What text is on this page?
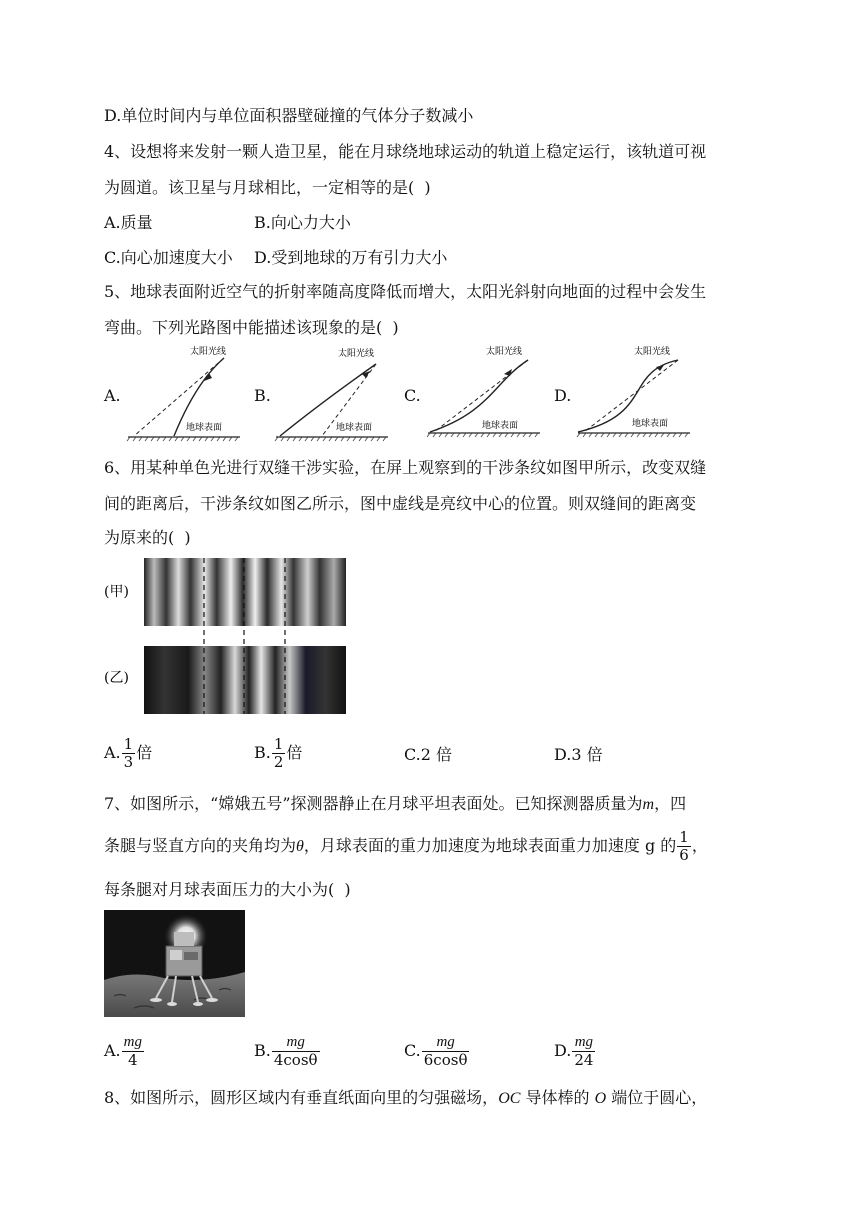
D.单位时间内与单位面积器壁碰撞的气体分子数减小
4、设想将来发射一颗人造卫星，能在月球绕地球运动的轨道上稳定运行，该轨道可视
为圆道。该卫星与月球相比，一定相等的是(  )
A.质量	B.向心力大小
C.向心加速度大小 D.受到地球的万有引力大小
5、地球表面附近空气的折射率随高度降低而增大，太阳光斜射向地面的过程中会发生
弯曲。下列光路图中能描述该现象的是(  )
A.	B.	C.	D.
太阳光线
地球表面
太阳光线
地球表面
太阳光线
地球表面
太阳光线
地球表面
6、用某种单色光进行双缝干涉实验，在屏上观察到的干涉条纹如图甲所示，改变双缝
间的距离后，干涉条纹如图乙所示，图中虚线是亮纹中心的位置。则双缝间的距离变
为原来的(  )
(甲)
(乙)
A. $\frac{1}{3}$ 倍	B. $\frac{1}{2}$ 倍	C.2 倍	D.3 倍
7、如图所示，“嫦娥五号”探测器静止在月球平坦表面处。已知探测器质量为m，四
条腿与竖直方向的夹角均为θ，月球表面的重力加速度为地球表面重力加速度 g 的 $\frac{1}{6}$ ，
每条腿对月球表面压力的大小为(  )
A. $\frac{mg}{4}$	B. $\frac{mg}{4\cos\theta}$	C. $\frac{mg}{6\cos\theta}$	D. $\frac{mg}{24}$
8、如图所示，圆形区域内有垂直纸面向里的匀强磁场，OC 导体棒的 O 端位于圆心，
